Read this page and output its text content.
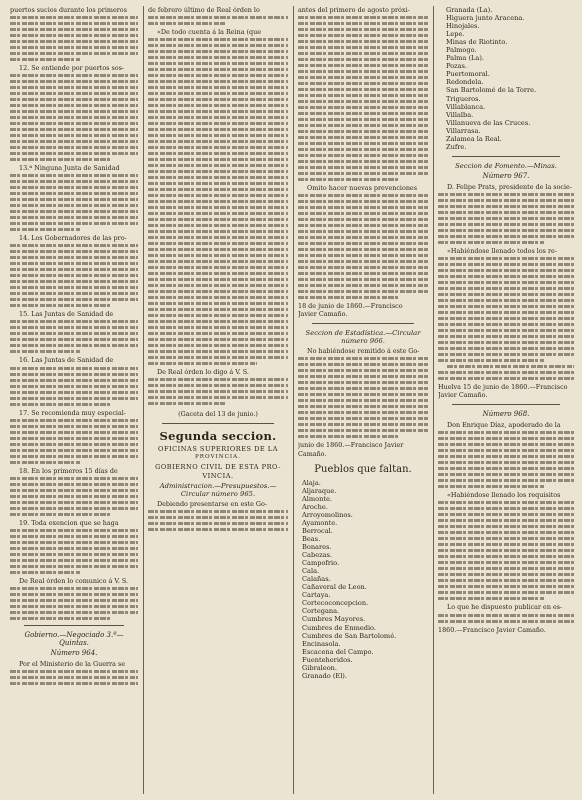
puertos sucios durante los primeros

12. Se entiende por puertos sos-

13.ª Ninguna Junta de Sanidad

14. Los Gobernadores de las pro-

15. Las Juntas de Sanidad de

16. Las Juntas de Sanidad de

17. Se recomienda muy especial-

18. En los primeros 15 días de

19. Toda exencion que se haga

De Real órden lo comunico á V. S.

Gobierno.—Negociado 3.º—Quintas.

Número 964.

Por el Ministerio de la Guerra se

de febrero último de Real órden lo

«De todo cuenta á la Reina (que

De Real órden lo digo á V. S.

(Gaceta del 13 de junio.)

Segunda seccion.

OFICINAS SUPERIORES DE LA

PROVINCIA.

GOBIERNO CIVIL DE ESTA PRO-

VINCIA.

Administracion.—Presupuestos.—Circular número 965.

Debiendo presentarse en este Go-

antes del primero de agosto próxi-

Omito hacer nuevas prevenciones

18 de junio de 1860.—Francisco

Javier Camaño.

Seccion de Estadística.—Circular número 966.

No habiéndose remitido á este Go-

junio de 1860.—Francisco Javier

Camaño.

Pueblos que faltan.

Alaja.

Aljaraque.

Almonte.

Aroche.

Arroyomolinos.

Ayamonte.

Berrocal.

Beas.

Bonares.

Cabezas.

Campofrio.

Cala.

Calañas.

Cañaveral de Leon.

Cartaya.

Cortecoconcepcion.

Cortegana.

Cumbres Mayores.

Cumbres de Enmedio.

Cumbres de San Bartolomé.

Encinasola.

Escacena del Campo.

Fuenteheridos.

Gibraleon.

Granado (El).

Granada (La).

Higuera junto Aracena.

Hinojales.

Lepe.

Minas de Riotinto.

Palmogo.

Palma (La).

Pozas.

Puertomoral.

Redondela.

San Bartolomé de la Torre.

Trigueros.

Villablanca.

Villalba.

Villanueva de las Cruces.

Villarrasa.

Zalamea la Real.

Zufre.

Seccion de Fomento.—Minas.

Número 967.

D. Felipe Prats, presidente de la socie-

«Habiéndose llenado todos los re-

Huelva 15 de junio de 1860.—Francisco Javier Camaño.

Número 968.

Don Enrique Díaz, apoderado de la

«Habiéndose llenado los requisitos

Lo que he dispuesto publicar en es-

1860.—Francisco Javier Camaño.
